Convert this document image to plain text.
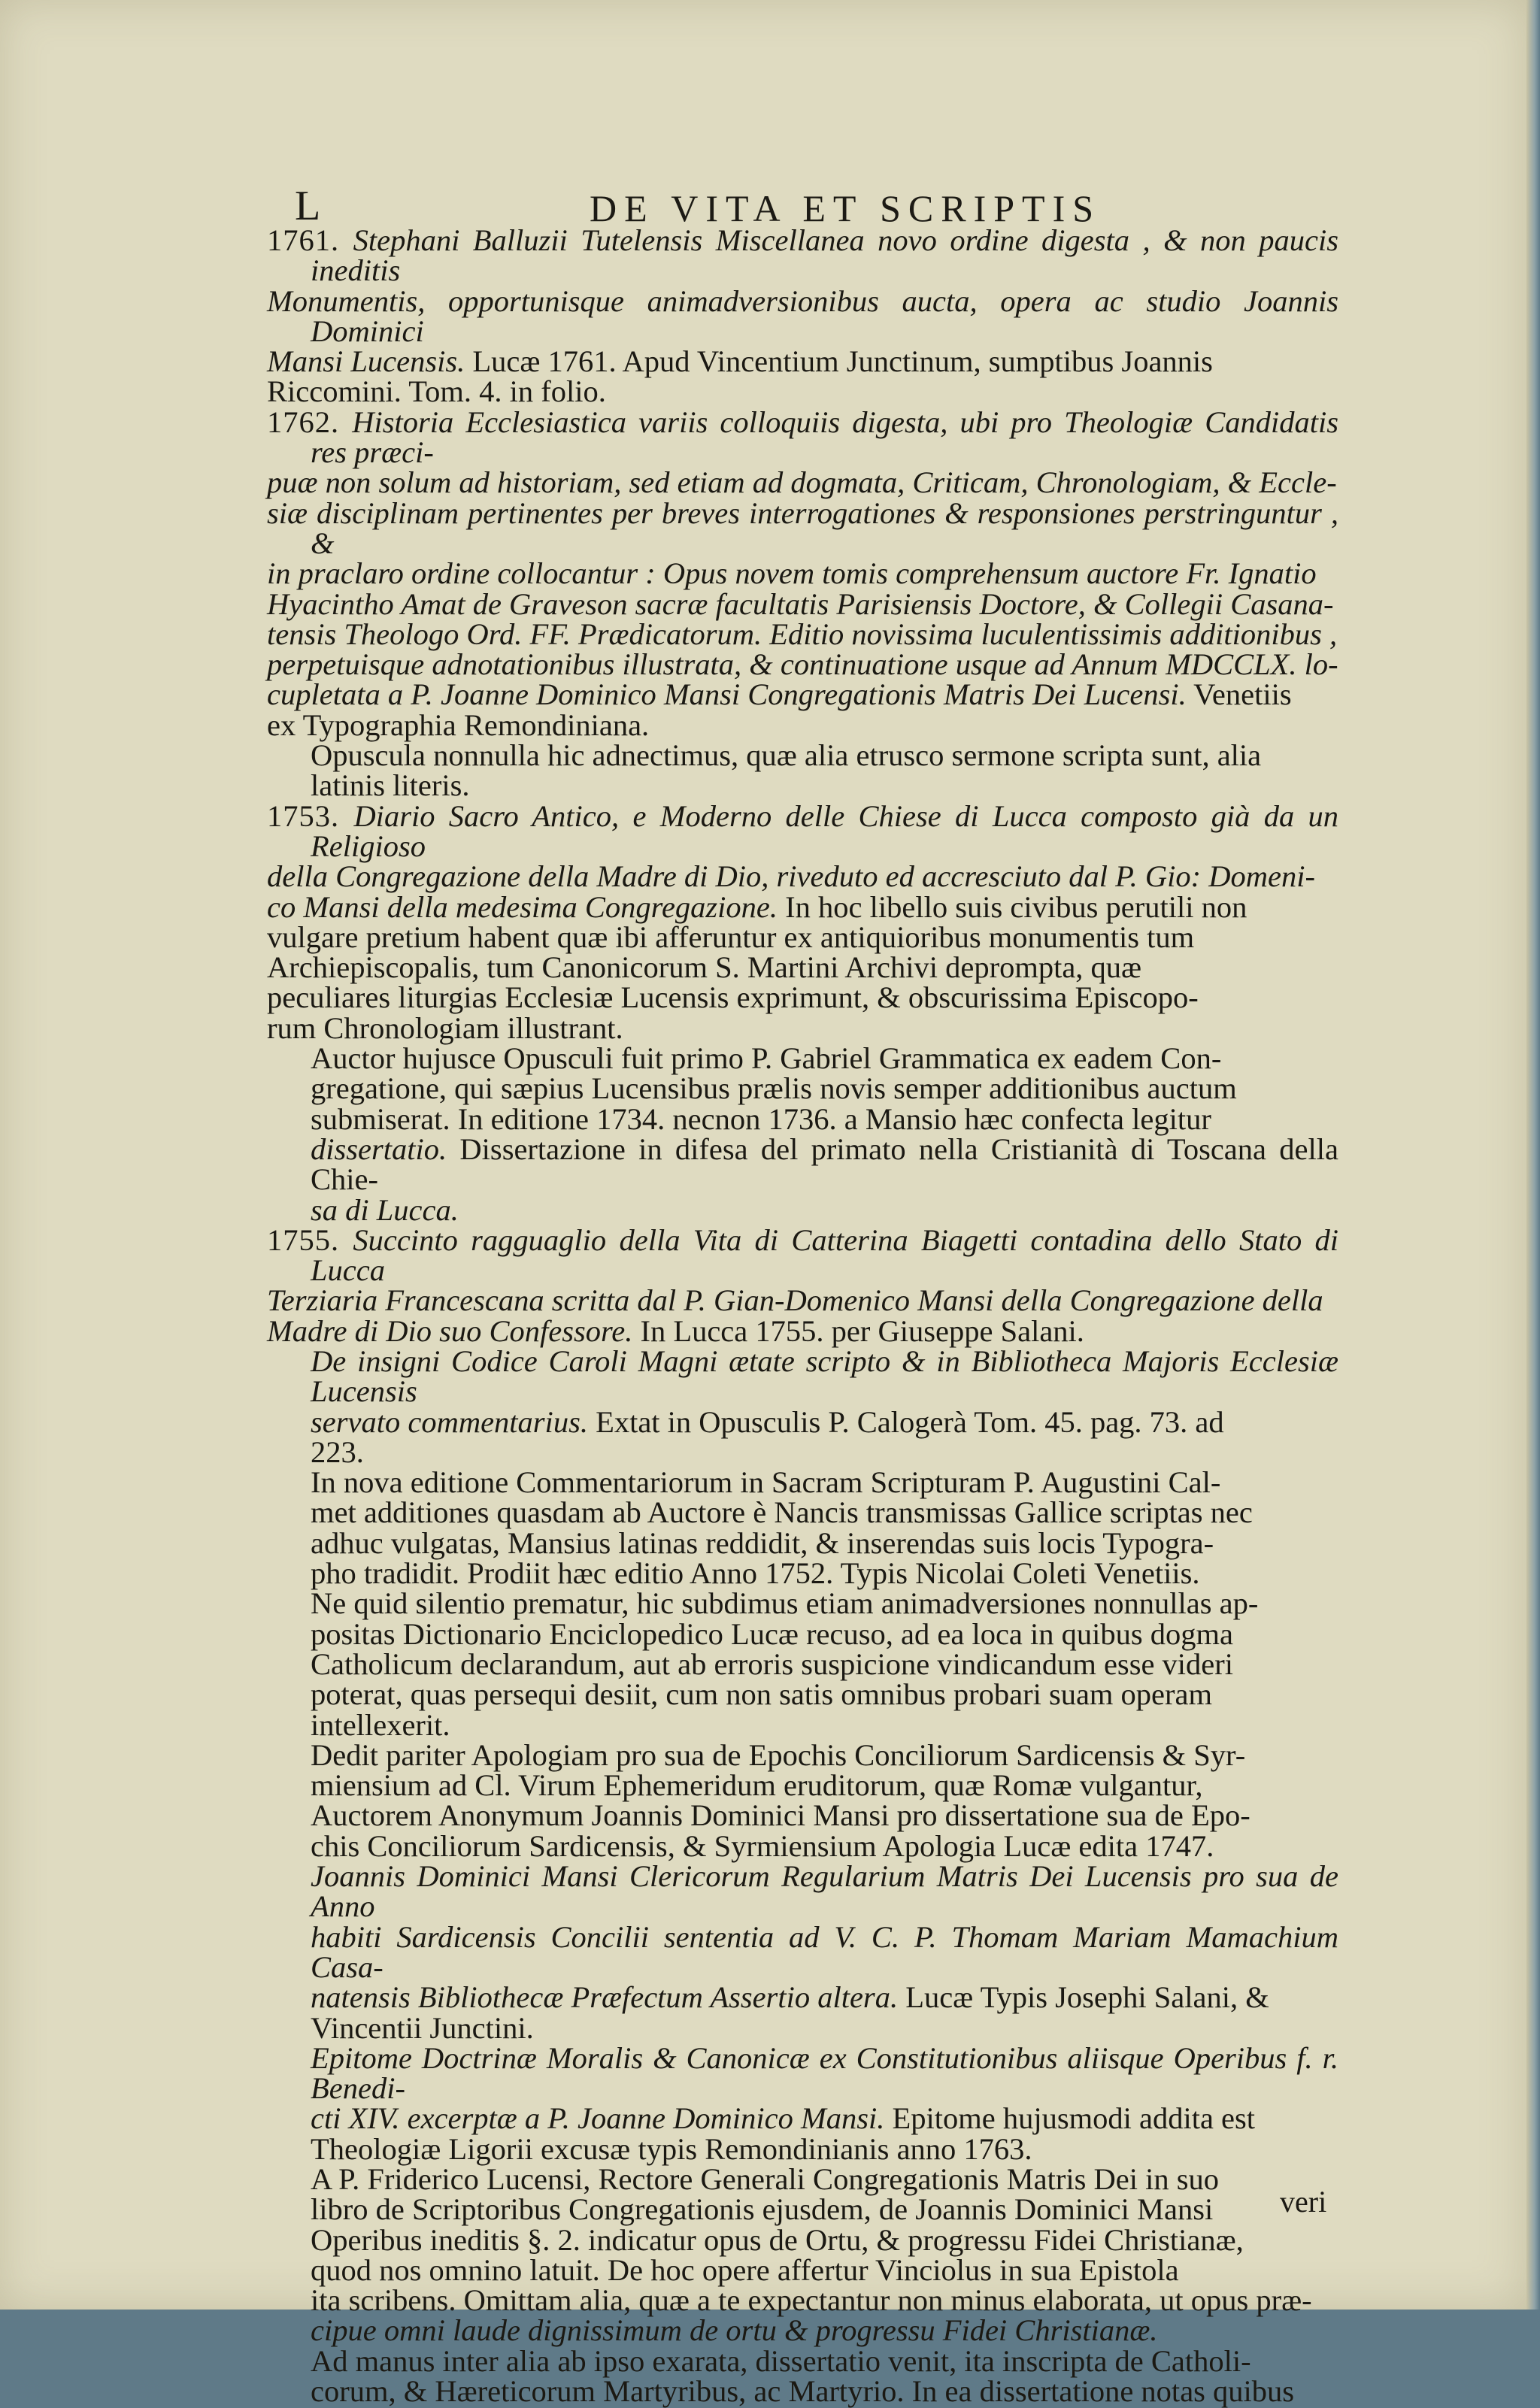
L	DE VITA ET SCRIPTIS
1761. Stephani Balluzii Tutelensis Miscellanea novo ordine digesta , & non paucis ineditis

Monumentis, opportunisque animadversionibus aucta, opera ac studio Joannis Dominici
Mansi Lucensis. Lucæ 1761. Apud Vincentium Junctinum, sumptibus Joannis
Riccomini. Tom. 4. in folio.
1762. Historia Ecclesiastica variis colloquiis digesta, ubi pro Theologiæ Candidatis res præci-

puæ non solum ad historiam, sed etiam ad dogmata, Criticam, Chronologiam, & Eccle-
siæ disciplinam pertinentes per breves interrogationes & responsiones perstringuntur , &
in praclaro ordine collocantur : Opus novem tomis comprehensum auctore Fr. Ignatio
Hyacintho Amat de Graveson sacræ facultatis Parisiensis Doctore, & Collegii Casana-
tensis Theologo Ord. FF. Prædicatorum. Editio novissima luculentissimis additionibus ,
perpetuisque adnotationibus illustrata, & continuatione usque ad Annum MDCCLX. lo-
cupletata a P. Joanne Dominico Mansi Congregationis Matris Dei Lucensi. Venetiis
ex Typographia Remondiniana.
Opuscula nonnulla hic adnectimus, quæ alia etrusco sermone scripta sunt, alia
latinis literis.
1753. Diario Sacro Antico, e Moderno delle Chiese di Lucca composto già da un Religioso

della Congregazione della Madre di Dio, riveduto ed accresciuto dal P. Gio: Domeni-
co Mansi della medesima Congregazione. In hoc libello suis civibus perutili non
vulgare pretium habent quæ ibi afferuntur ex antiquioribus monumentis tum
Archiepiscopalis, tum Canonicorum S. Martini Archivi deprompta, quæ
peculiares liturgias Ecclesiæ Lucensis exprimunt, & obscurissima Episcopo-
rum Chronologiam illustrant.
Auctor hujusce Opusculi fuit primo P. Gabriel Grammatica ex eadem Con-
gregatione, qui sæpius Lucensibus prælis novis semper additionibus auctum
submiserat. In editione 1734. necnon 1736. a Mansio hæc confecta legitur
dissertatio. Dissertazione in difesa del primato nella Cristianità di Toscana della Chie-
sa di Lucca.
1755. Succinto ragguaglio della Vita di Catterina Biagetti contadina dello Stato di Lucca

Terziaria Francescana scritta dal P. Gian-Domenico Mansi della Congregazione della
Madre di Dio suo Confessore. In Lucca 1755. per Giuseppe Salani.
De insigni Codice Caroli Magni ætate scripto & in Bibliotheca Majoris Ecclesiæ Lucensis
servato commentarius. Extat in Opusculis P. Calogerà Tom. 45. pag. 73. ad
223.
In nova editione Commentariorum in Sacram Scripturam P. Augustini Cal-
met additiones quasdam ab Auctore è Nancis transmissas Gallice scriptas nec
adhuc vulgatas, Mansius latinas reddidit, & inserendas suis locis Typogra-
pho tradidit. Prodiit hæc editio Anno 1752. Typis Nicolai Coleti Venetiis.
Ne quid silentio prematur, hic subdimus etiam animadversiones nonnullas ap-
positas Dictionario Enciclopedico Lucæ recuso, ad ea loca in quibus dogma
Catholicum declarandum, aut ab erroris suspicione vindicandum esse videri
poterat, quas persequi desiit, cum non satis omnibus probari suam operam
intellexerit.
Dedit pariter Apologiam pro sua de Epochis Conciliorum Sardicensis & Syr-
miensium ad Cl. Virum Ephemeridum eruditorum, quæ Romæ vulgantur,
Auctorem Anonymum Joannis Dominici Mansi pro dissertatione sua de Epo-
chis Conciliorum Sardicensis, & Syrmiensium Apologia Lucæ edita 1747.
Joannis Dominici Mansi Clericorum Regularium Matris Dei Lucensis pro sua de Anno
habiti Sardicensis Concilii sententia ad V. C. P. Thomam Mariam Mamachium Casa-
natensis Bibliothecæ Præfectum Assertio altera. Lucæ Typis Josephi Salani, &
Vincentii Junctini.
Epitome Doctrinæ Moralis & Canonicæ ex Constitutionibus aliisque Operibus f. r. Benedi-
cti XIV. excerptæ a P. Joanne Dominico Mansi. Epitome hujusmodi addita est
Theologiæ Ligorii excusæ typis Remondinianis anno 1763.
A P. Friderico Lucensi, Rectore Generali Congregationis Matris Dei in suo
libro de Scriptoribus Congregationis ejusdem, de Joannis Dominici Mansi
Operibus ineditis §. 2. indicatur opus de Ortu, & progressu Fidei Christianæ,
quod nos omnino latuit. De hoc opere affertur Vinciolus in sua Epistola
ita scribens. Omittam alia, quæ a te expectantur non minus elaborata, ut opus præ-
cipue omni laude dignissimum de ortu & progressu Fidei Christianæ.
Ad manus inter alia ab ipso exarata, dissertatio venit, ita inscripta de Catholi-
corum, & Hæreticorum Martyribus, ac Martyrio. In ea dissertatione notas quibus
veri
